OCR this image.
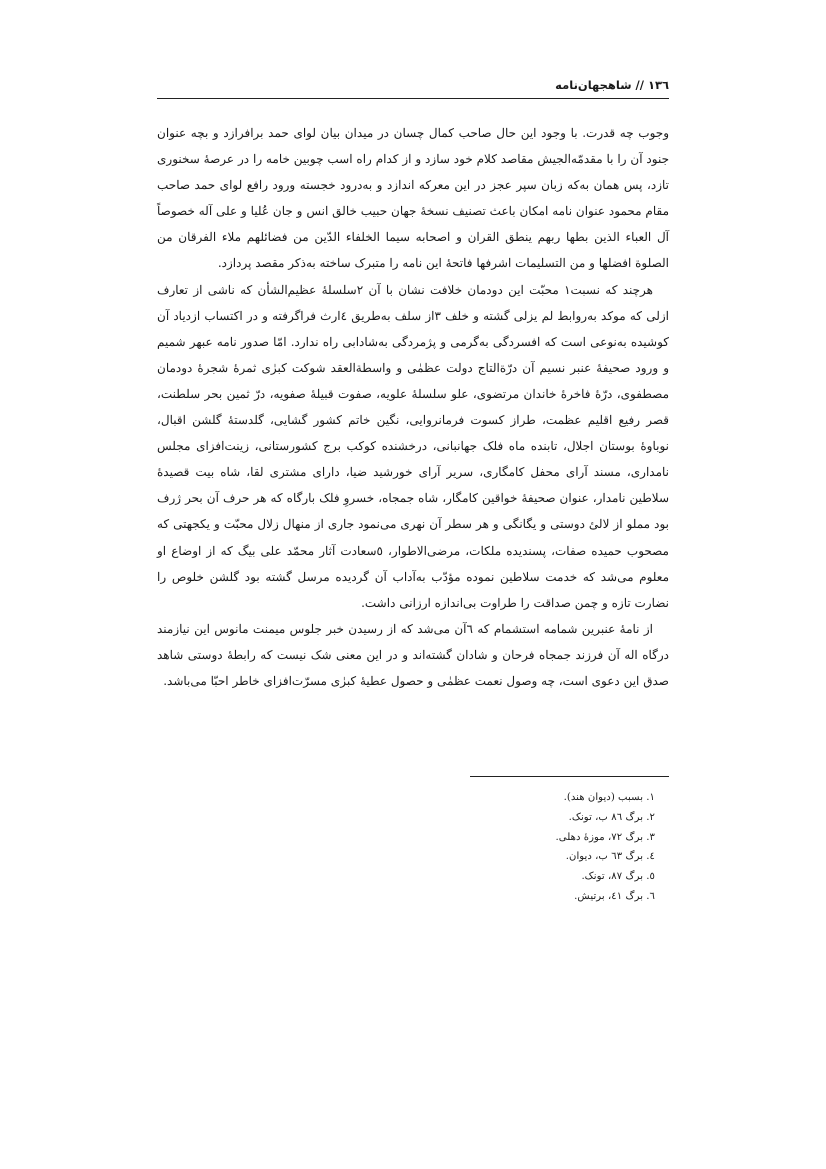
١٣٦ // شاهجهان‌نامه

وجوب چه قدرت. با وجود این حال صاحب کمال چسان در میدان بیان لوای حمد برافرازد و بچه عنوان جنود آن را با مقدمّه‌الجیش مقاصد کلام خود سازد و از کدام راه اسب چوبین خامه را در عرصهٔ سخنوری تازد، پس همان به‌که زبان سپر عجز در این معرکه اندازد و به‌درود خجسته ورود رافع لوای حمد صاحب مقام محمود عنوان نامه امکان باعث تصنیف نسخهٔ جهان حبیب خالق انس و جان عُلیا و علی آله خصوصاً آل العباء الذین بطها ربهم ینطق القران و اصحابه سیما الخلفاء الدّین من فضائلهم ملاء الفرقان من الصلوة افضلها و من التسلیمات اشرفها فاتحهٔ این نامه را متبرک ساخته به‌ذکر مقصد پردازد.

هرچند که نسبت١ محبّت این دودمان خلافت نشان با آن ٢سلسلهٔ عظیم‌الشأن که ناشی از تعارف ازلی که موکد به‌روابط لم یزلی گشته و خلف ٣از سلف به‌طریق ٤ارث فراگرفته و در اکتساب ازدیاد آن کوشیده به‌نوعی است که افسردگی به‌گرمی و پژمردگی به‌شادابی راه ندارد. امّا صدور نامه عبهر شمیم و ورود صحیفهٔ عنبر نسیم آن درّةالتاج دولت عظمٰی و واسطةالعقد شوکت کبرٰی ثمرهٔ شجرهٔ دودمان مصطفوی، درّهٔ فاخرهٔ خاندان مرتضوی، علو سلسلهٔ علویه، صفوت قبیلهٔ صفویه، درّ ثمین بحر سلطنت، قصر رفیع اقلیم عظمت، طراز کسوت فرمانروایی، نگین خاتم کشور گشایی، گلدستهٔ گلشن اقبال، نوباوهٔ بوستان اجلال، تابنده ماه فلک جهانبانی، درخشنده کوکب برج کشورستانی، زینت‌افزای مجلس نامداری، مسند آرای محفل کامگاری، سریر آرای خورشید ضیا، دارای مشتری لقا، شاه بیت قصیدهٔ سلاطین نامدار، عنوان صحیفهٔ خواقین کامگار، شاه جمجاه، خسروِ فلک بارگاه که هر حرف آن بحر ژرف بود مملو از لالئ دوستی و یگانگی و هر سطر آن نهری می‌نمود جاری از منهال زلال محبّت و یکجهتی که مصحوب حمیده صفات، پسندیده ملکات، مرضی‌الاطوار، ٥سعادت آثار محمّد علی بیگ که از اوضاع او معلوم می‌شد که خدمت سلاطین نموده مؤدّب به‌آداب آن گردیده مرسل گشته بود گلشن خلوص را نضارت تازه و چمن صداقت را طراوت بی‌اندازه ارزانی داشت.

از نامهٔ عنبرین شمامه استشمام که ٦آن می‌شد که از رسیدن خبر جلوس میمنت مانوس این نیازمند درگاه اله آن فرزند جمجاه فرحان و شادان گشته‌اند و در این معنی شک نیست که رابطهٔ دوستی شاهد صدق این دعوی است، چه وصول نعمت عظمٰی و حصول عطیهٔ کبرٰی مسرّت‌افزای خاطر احبّا می‌باشد.

١. بسبب (دیوان هند).

٢. برگ ٨٦ ب، تونک.

٣. برگ ٧٢، موزهٔ دهلی.

٤. برگ ٦٣ ب، دیوان.

٥. برگ ٨٧، تونک.

٦. برگ ٤١، برتیش.
